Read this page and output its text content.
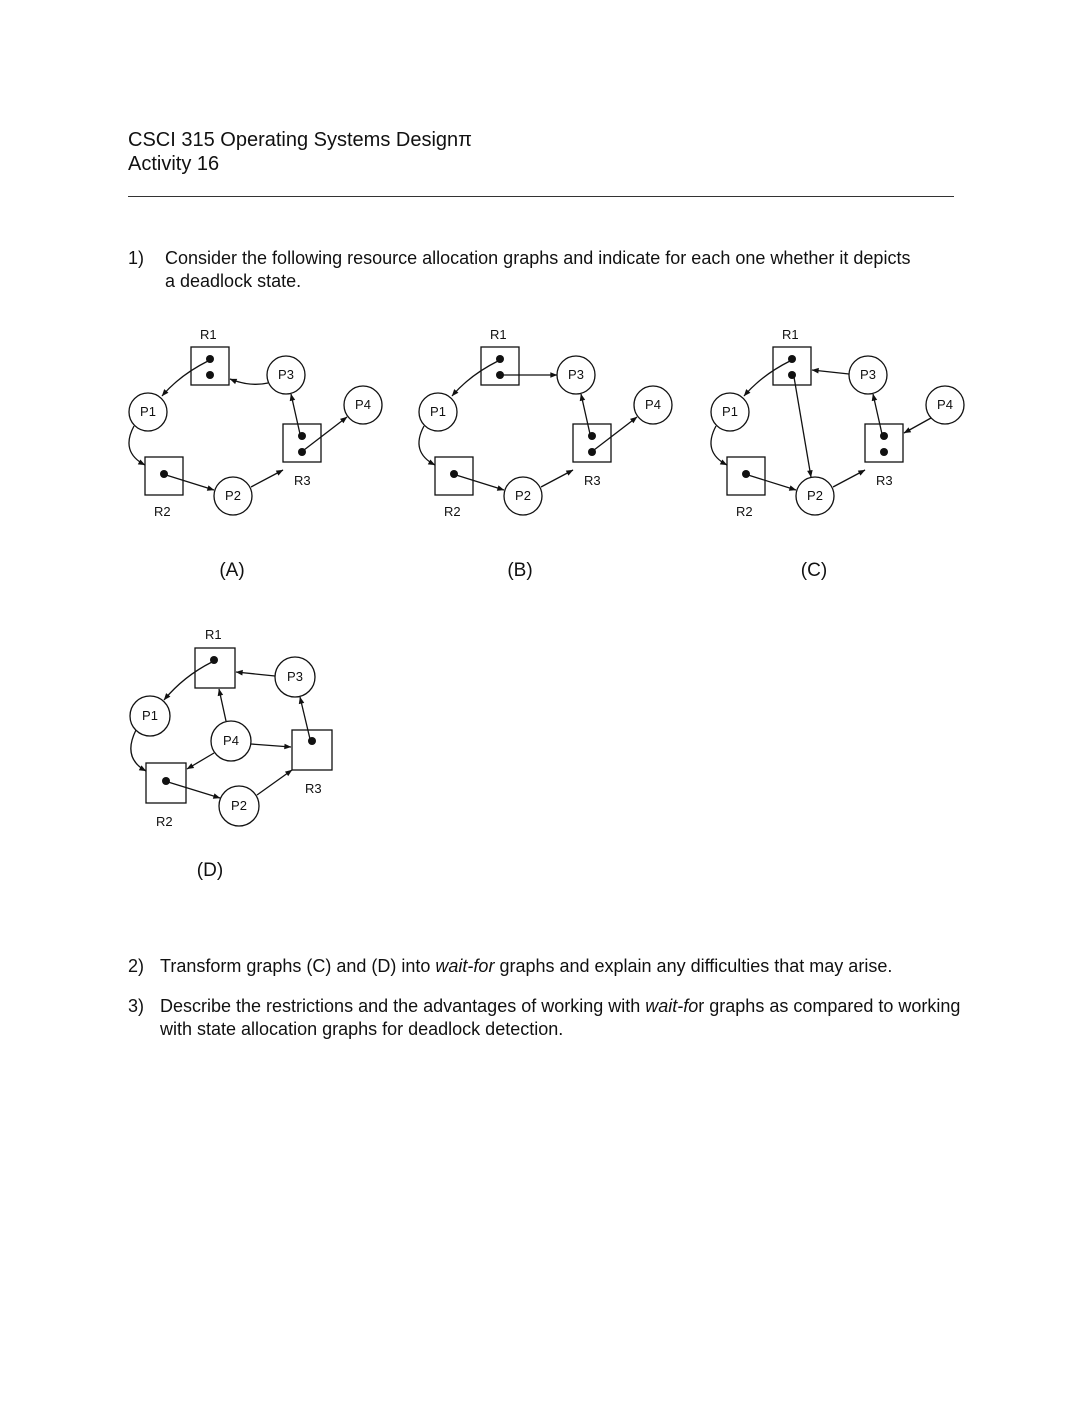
CSCI 315 Operating Systems Designπ
Activity 16
1) Consider the following resource allocation graphs and indicate for each one whether it depicts a deadlock state.
R1
R2
R3
P1
P2
P3
P4
(A)
R1
R2
R3
P1
P2
P3
P4
(B)
R1
R2
R3
P1
P2
P3
P4
(C)
R1
R2
R3
P1
P2
P3
P4
(D)
2) Transform graphs (C) and (D) into wait-for graphs and explain any difficulties that may arise.
3) Describe the restrictions and the advantages of working with wait-for graphs as compared to working with state allocation graphs for deadlock detection.
